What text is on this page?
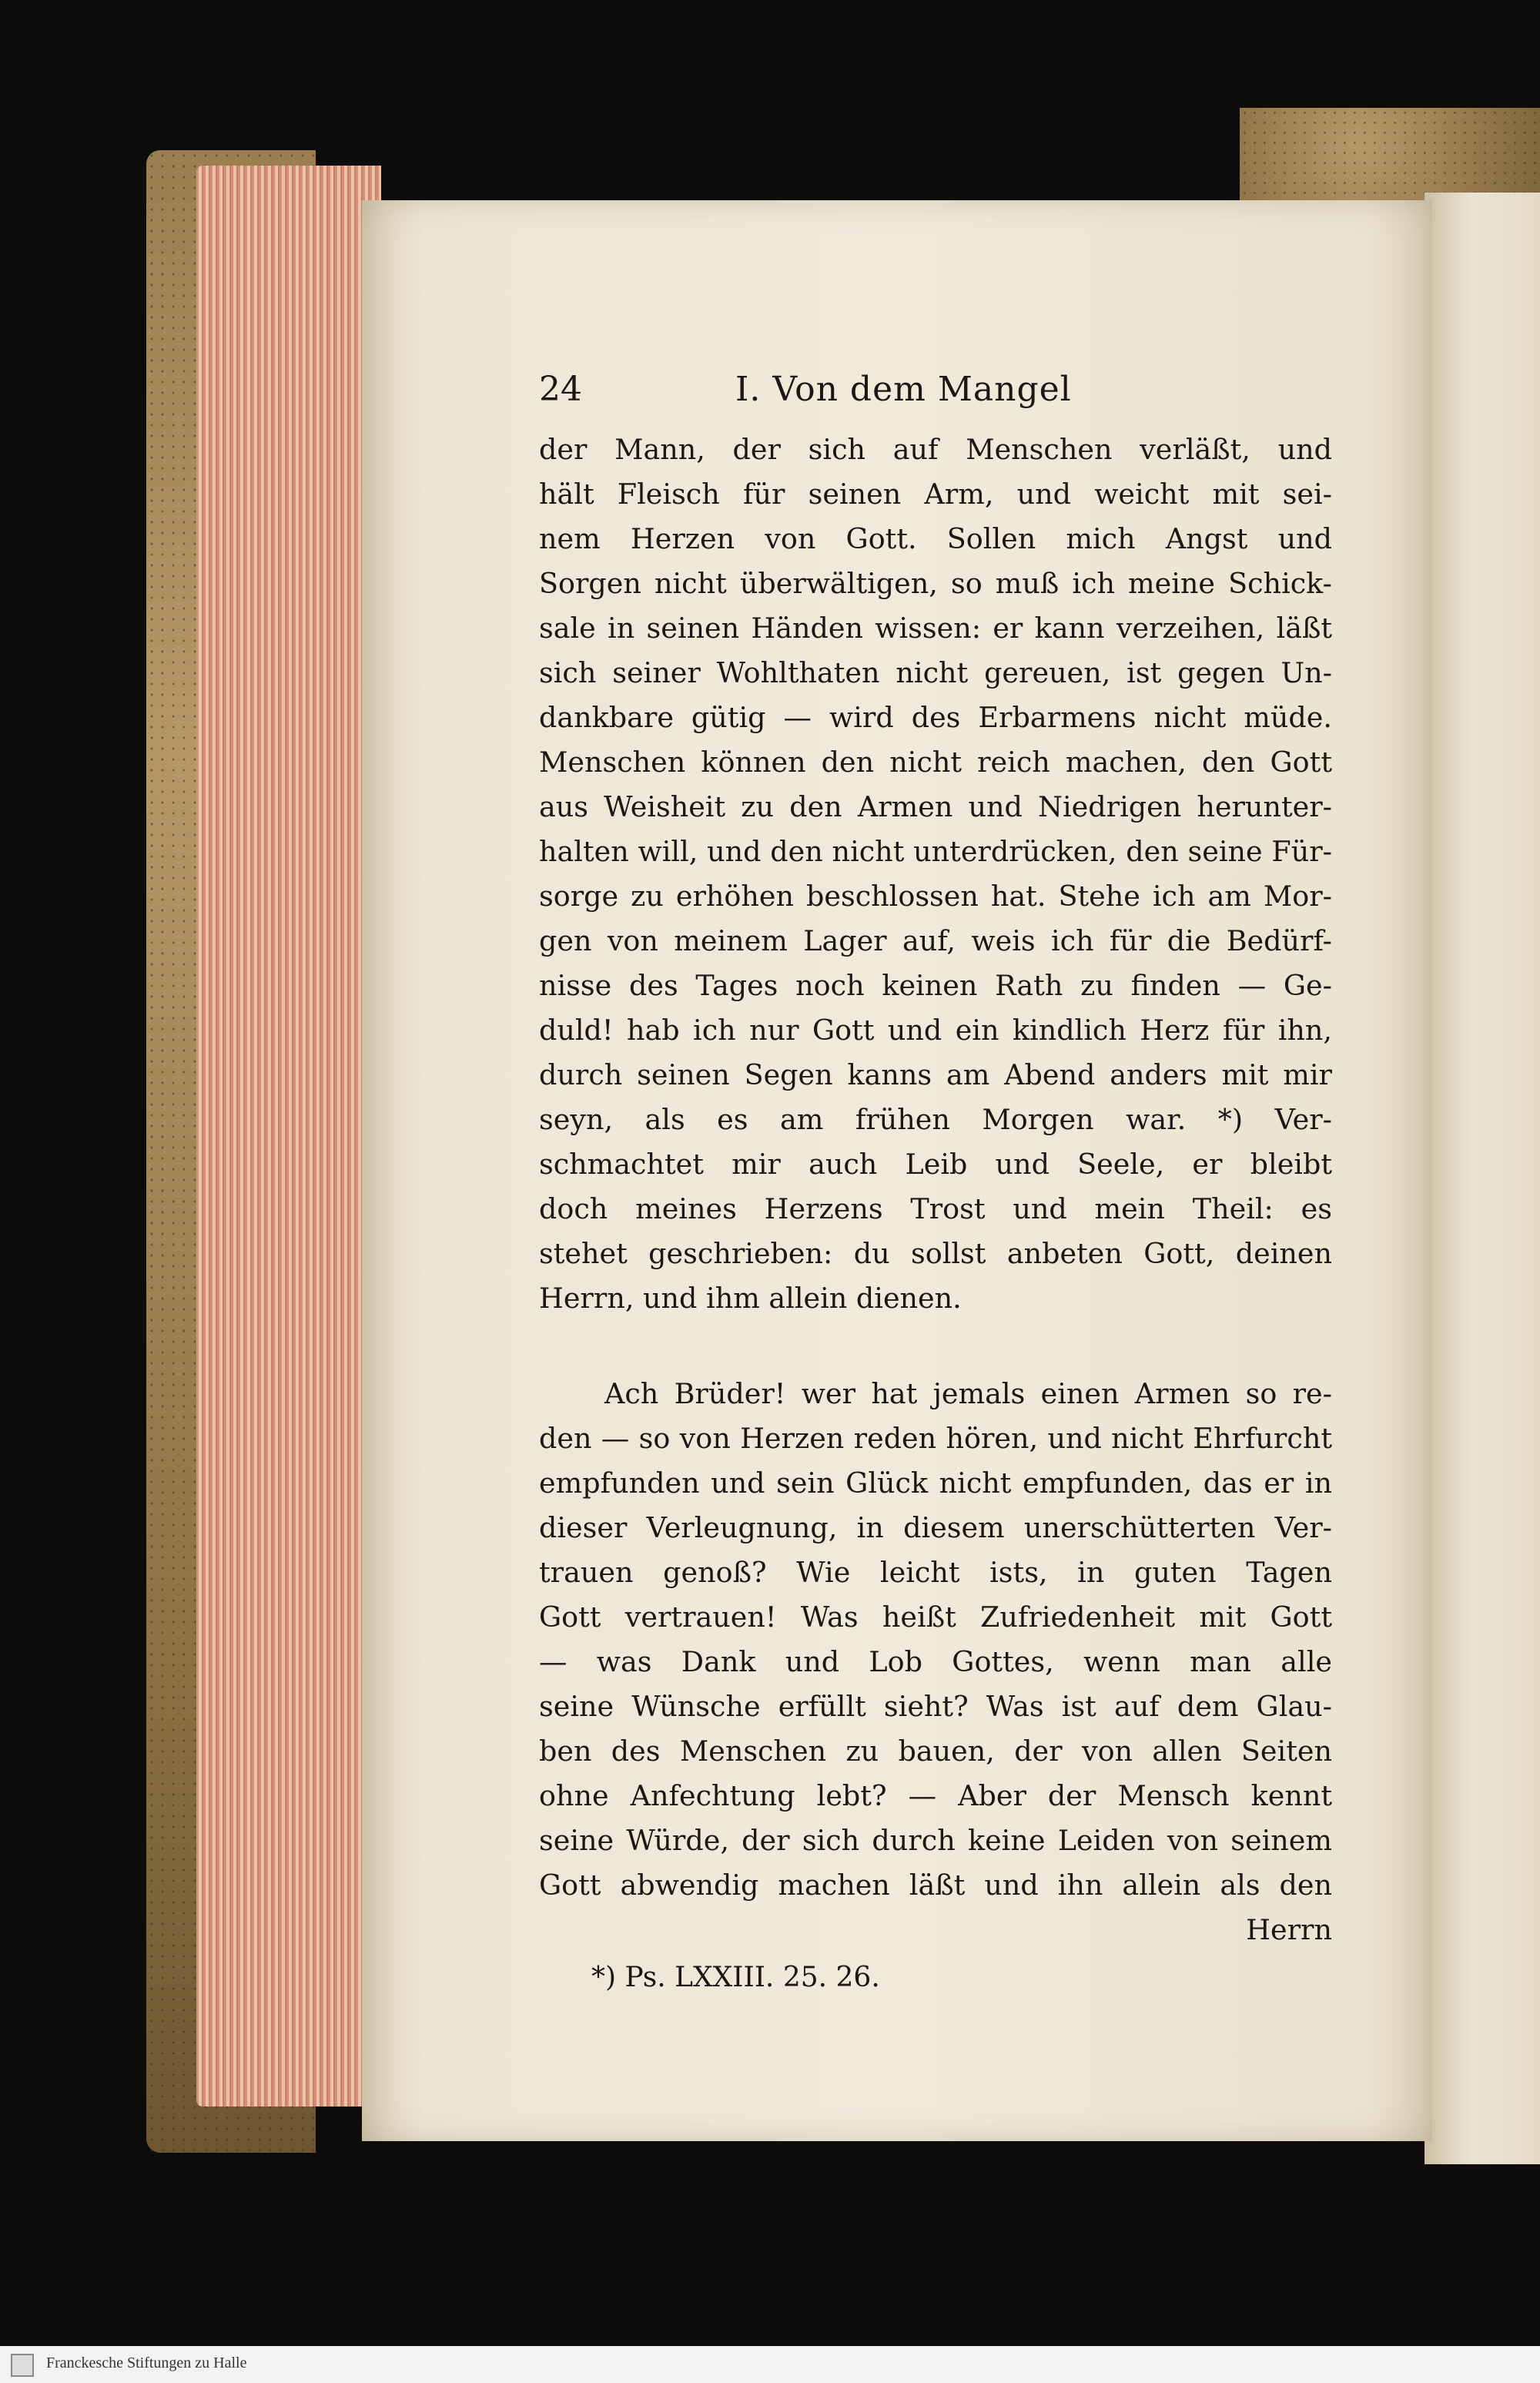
24	I. Von dem Mangel
der Mann, der sich auf Menschen verläßt, und
hält Fleisch für seinen Arm, und weicht mit sei-
nem Herzen von Gott. Sollen mich Angst und
Sorgen nicht überwältigen, so muß ich meine Schick-
sale in seinen Händen wissen: er kann verzeihen, läßt
sich seiner Wohlthaten nicht gereuen, ist gegen Un-
dankbare gütig — wird des Erbarmens nicht müde.
Menschen können den nicht reich machen, den Gott
aus Weisheit zu den Armen und Niedrigen herunter-
halten will, und den nicht unterdrücken, den seine Für-
sorge zu erhöhen beschlossen hat. Stehe ich am Mor-
gen von meinem Lager auf, weis ich für die Bedürf-
nisse des Tages noch keinen Rath zu finden — Ge-
duld! hab ich nur Gott und ein kindlich Herz für ihn,
durch seinen Segen kanns am Abend anders mit mir
seyn, als es am frühen Morgen war. *) Ver-
schmachtet mir auch Leib und Seele, er bleibt
doch meines Herzens Trost und mein Theil: es
stehet geschrieben: du sollst anbeten Gott, deinen
Herrn, und ihm allein dienen.
Ach Brüder! wer hat jemals einen Armen so re-
den — so von Herzen reden hören, und nicht Ehrfurcht
empfunden und sein Glück nicht empfunden, das er in
dieser Verleugnung, in diesem unerschütterten Ver-
trauen genoß? Wie leicht ists, in guten Tagen
Gott vertrauen! Was heißt Zufriedenheit mit Gott
— was Dank und Lob Gottes, wenn man alle
seine Wünsche erfüllt sieht? Was ist auf dem Glau-
ben des Menschen zu bauen, der von allen Seiten
ohne Anfechtung lebt? — Aber der Mensch kennt
seine Würde, der sich durch keine Leiden von seinem
Gott abwendig machen läßt und ihn allein als den
Herrn
*) Ps. LXXIII. 25. 26.
Franckesche Stiftungen zu Halle
